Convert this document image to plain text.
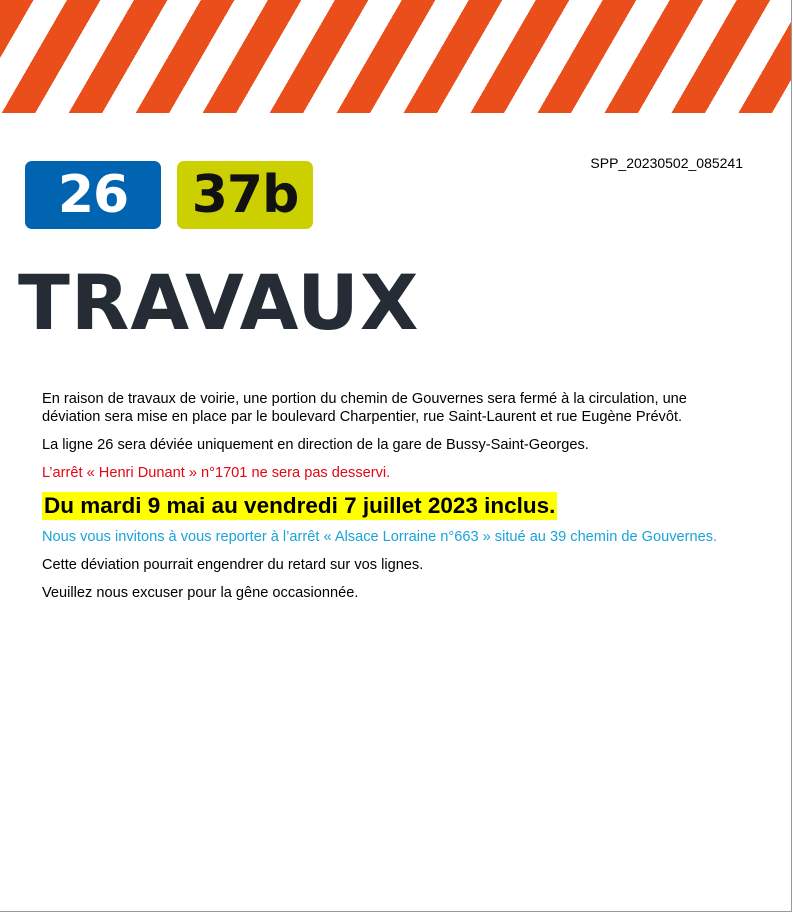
SPP_20230502_085241
26	37b
TRAVAUX

En raison de travaux de voirie, une portion du chemin de Gouvernes sera fermé à la circulation, une déviation sera mise en place par le boulevard Charpentier, rue Saint-Laurent et rue Eugène Prévôt.

La ligne 26 sera déviée uniquement en direction de la gare de Bussy-Saint-Georges.

L’arrêt « Henri Dunant » n°1701 ne sera pas desservi.

Du mardi 9 mai au vendredi 7 juillet 2023 inclus.

Nous vous invitons à vous reporter à l’arrêt « Alsace Lorraine n°663 » situé au 39 chemin de Gouvernes.

Cette déviation pourrait engendrer du retard sur vos lignes.

Veuillez nous excuser pour la gêne occasionnée.
